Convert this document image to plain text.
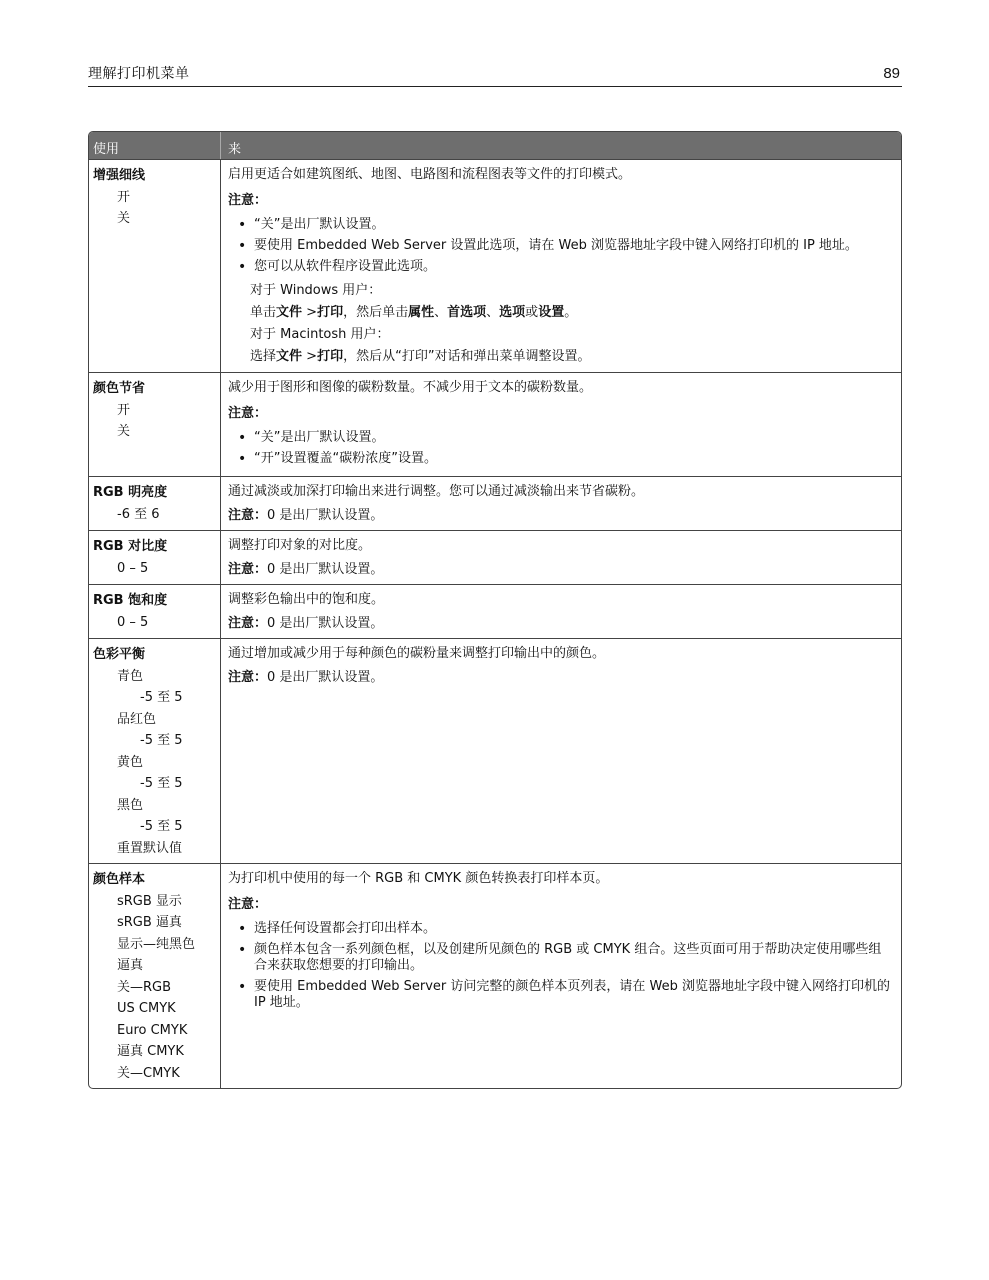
理解打印机菜单	89
使用	来
增强细线
开
关
启用更适合如建筑图纸、地图、电路图和流程图表等文件的打印模式。
注意：
• “关”是出厂默认设置。
• 要使用 Embedded Web Server 设置此选项，请在 Web 浏览器地址字段中键入网络打印机的 IP 地址。
• 您可以从软件程序设置此选项。
对于 Windows 用户：
单击文件 >打印，然后单击属性、首选项、选项或设置。
对于 Macintosh 用户：
选择文件 >打印，然后从“打印”对话和弹出菜单调整设置。
颜色节省
开
关
减少用于图形和图像的碳粉数量。不减少用于文本的碳粉数量。
注意：
• “关”是出厂默认设置。
• “开”设置覆盖“碳粉浓度”设置。
RGB 明亮度
-6 至 6
通过减淡或加深打印输出来进行调整。您可以通过减淡输出来节省碳粉。
注意：0 是出厂默认设置。
RGB 对比度
0 – 5
调整打印对象的对比度。
注意：0 是出厂默认设置。
RGB 饱和度
0 – 5
调整彩色输出中的饱和度。
注意：0 是出厂默认设置。
色彩平衡
青色
-5 至 5
品红色
-5 至 5
黄色
-5 至 5
黑色
-5 至 5
重置默认值
通过增加或减少用于每种颜色的碳粉量来调整打印输出中的颜色。
注意：0 是出厂默认设置。
颜色样本
sRGB 显示
sRGB 逼真
显示—纯黑色
逼真
关—RGB
US CMYK
Euro CMYK
逼真 CMYK
关—CMYK
为打印机中使用的每一个 RGB 和 CMYK 颜色转换表打印样本页。
注意：
• 选择任何设置都会打印出样本。
• 颜色样本包含一系列颜色框，以及创建所见颜色的 RGB 或 CMYK 组合。这些页面可用于帮助决定使用哪些组合来获取您想要的打印输出。
• 要使用 Embedded Web Server 访问完整的颜色样本页列表，请在 Web 浏览器地址字段中键入网络打印机的 IP 地址。
